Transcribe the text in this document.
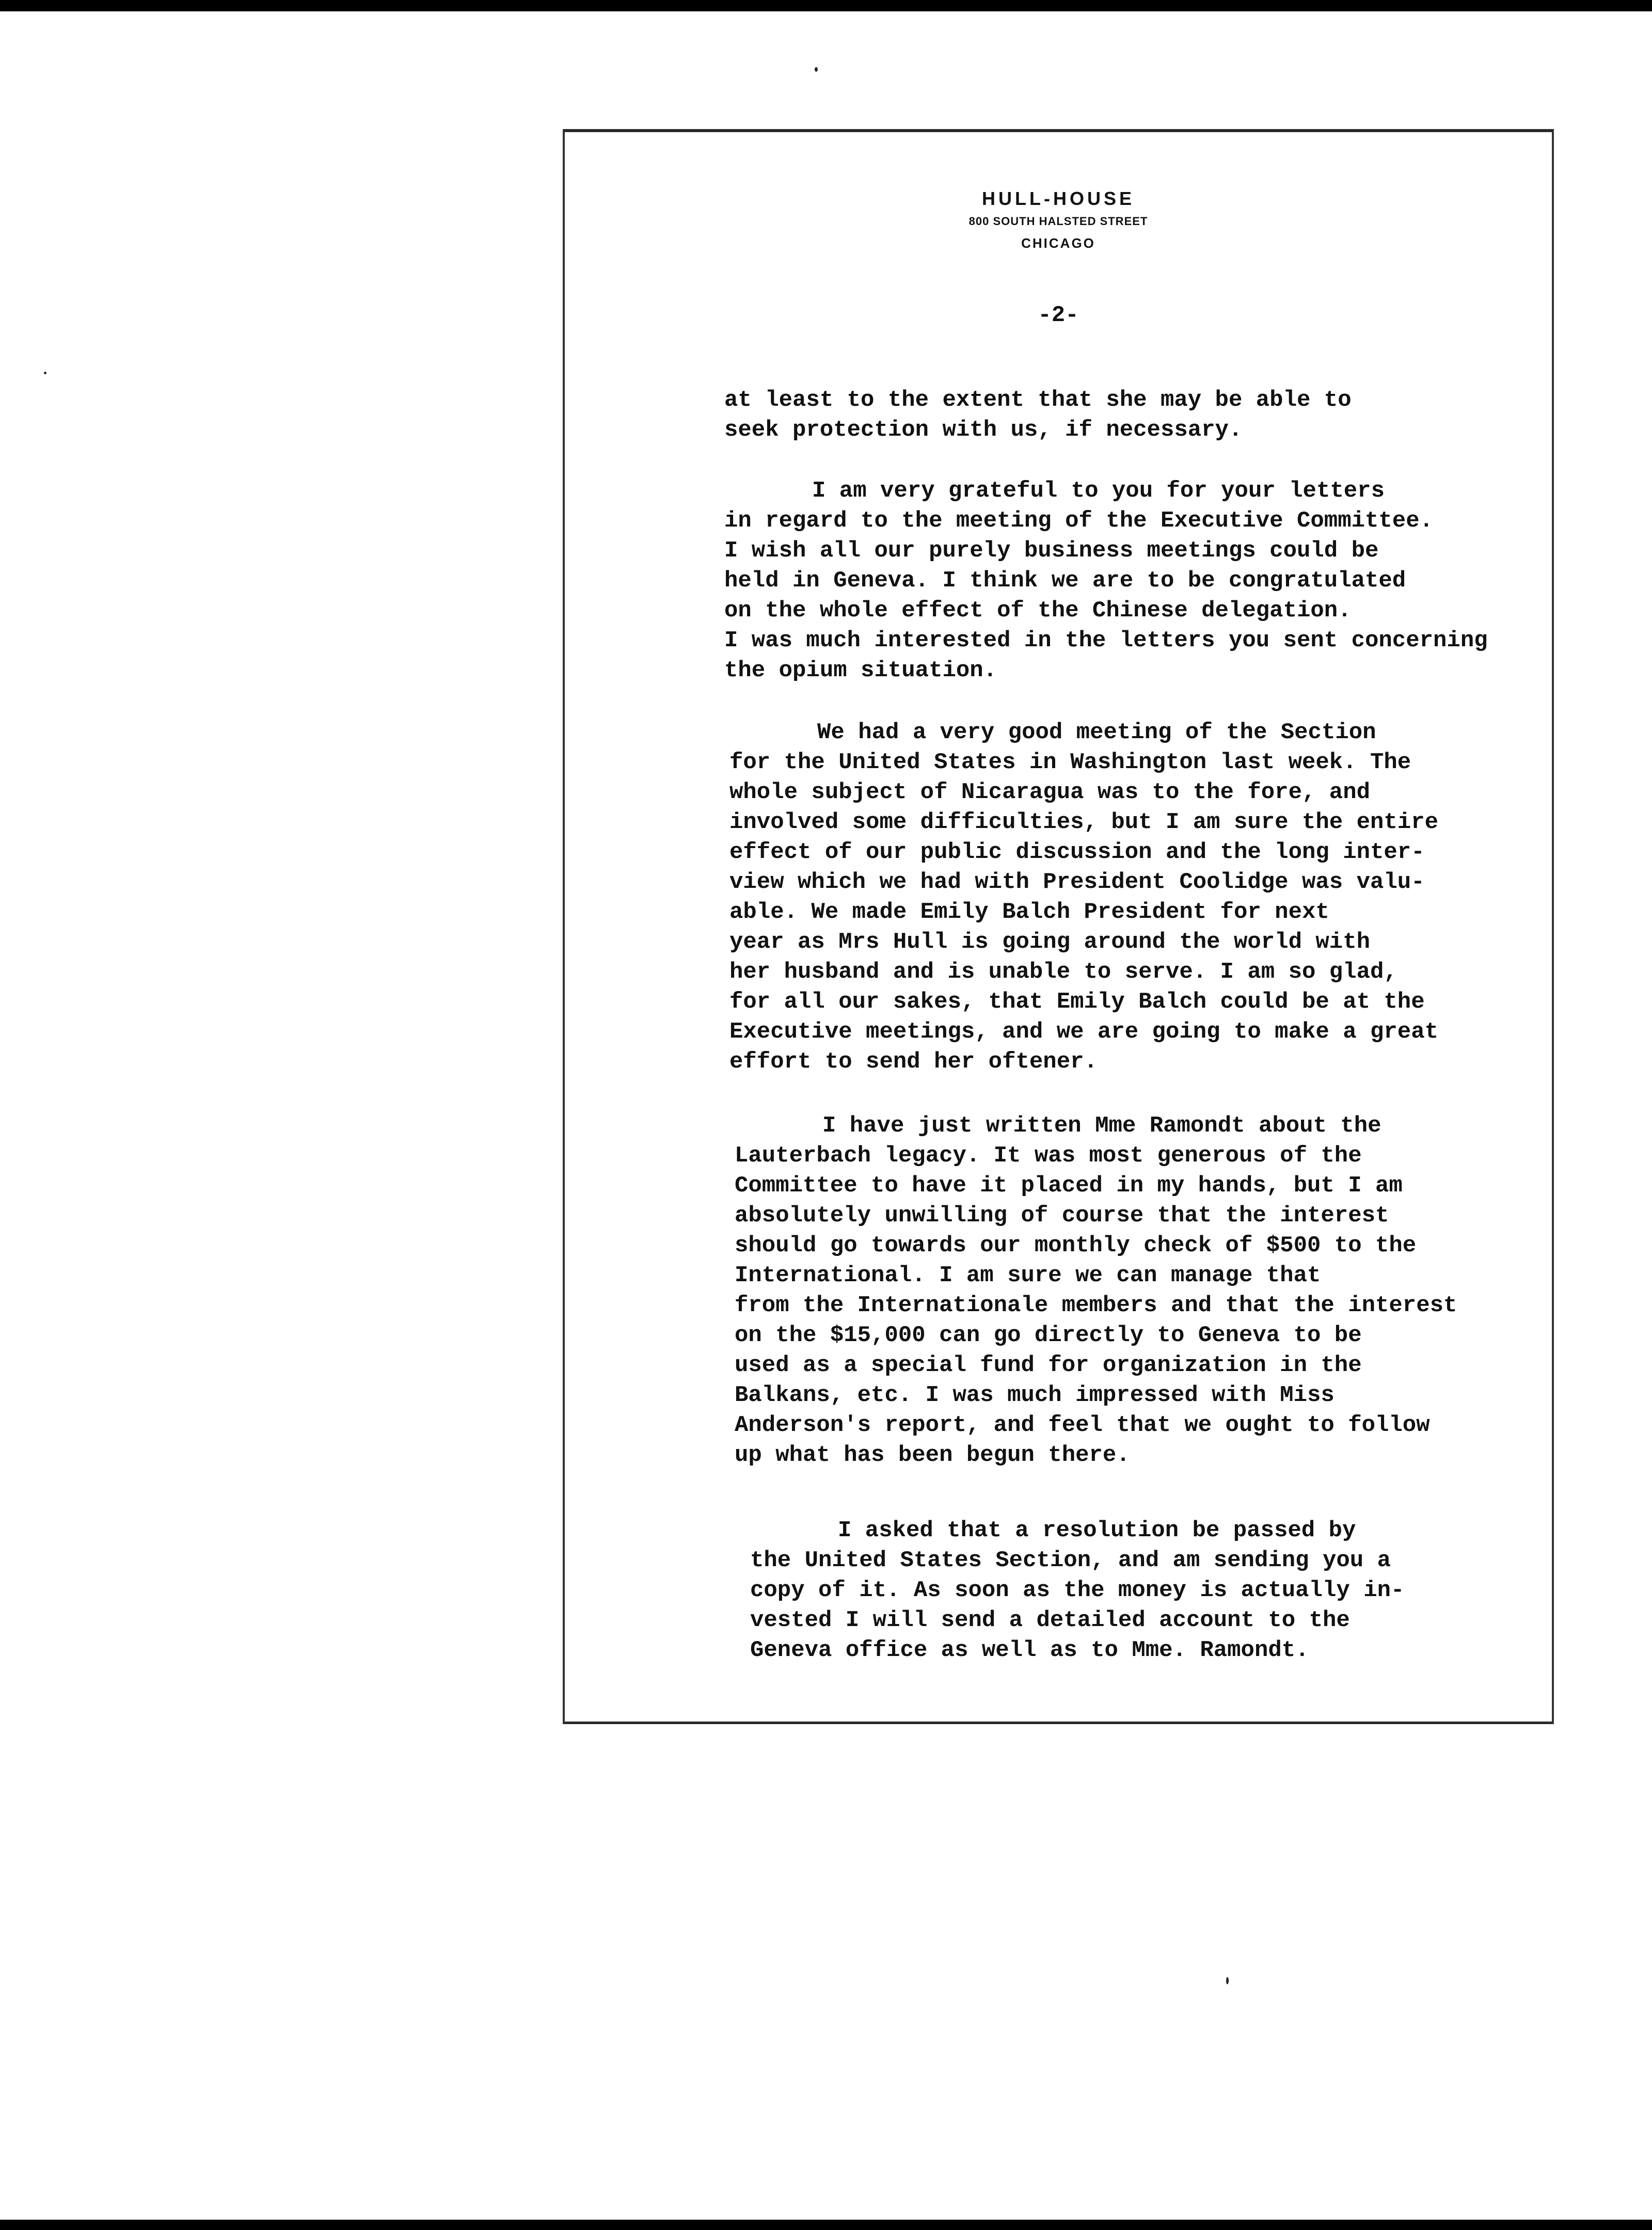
HULL-HOUSE
800 SOUTH HALSTED STREET
CHICAGO
-2-
at least to the extent that she may be able to
seek protection with us, if necessary.
I am very grateful to you for your letters
in regard to the meeting of the Executive Committee.
I wish all our purely business meetings could be
held in Geneva. I think we are to be congratulated
on the whole effect of the Chinese delegation.
I was much interested in the letters you sent concerning
the opium situation.
We had a very good meeting of the Section
for the United States in Washington last week. The
whole subject of Nicaragua was to the fore, and
involved some difficulties, but I am sure the entire
effect of our public discussion and the long inter-
view which we had with President Coolidge was valu-
able. We made Emily Balch President for next
year as Mrs Hull is going around the world with
her husband and is unable to serve. I am so glad,
for all our sakes, that Emily Balch could be at the
Executive meetings, and we are going to make a great
effort to send her oftener.
I have just written Mme Ramondt about the
Lauterbach legacy. It was most generous of the
Committee to have it placed in my hands, but I am
absolutely unwilling of course that the interest
should go towards our monthly check of $500 to the
International. I am sure we can manage that
from the Internationale members and that the interest
on the $15,000 can go directly to Geneva to be
used as a special fund for organization in the
Balkans, etc. I was much impressed with Miss
Anderson's report, and feel that we ought to follow
up what has been begun there.
I asked that a resolution be passed by
the United States Section, and am sending you a
copy of it. As soon as the money is actually in-
vested I will send a detailed account to the
Geneva office as well as to Mme. Ramondt.
